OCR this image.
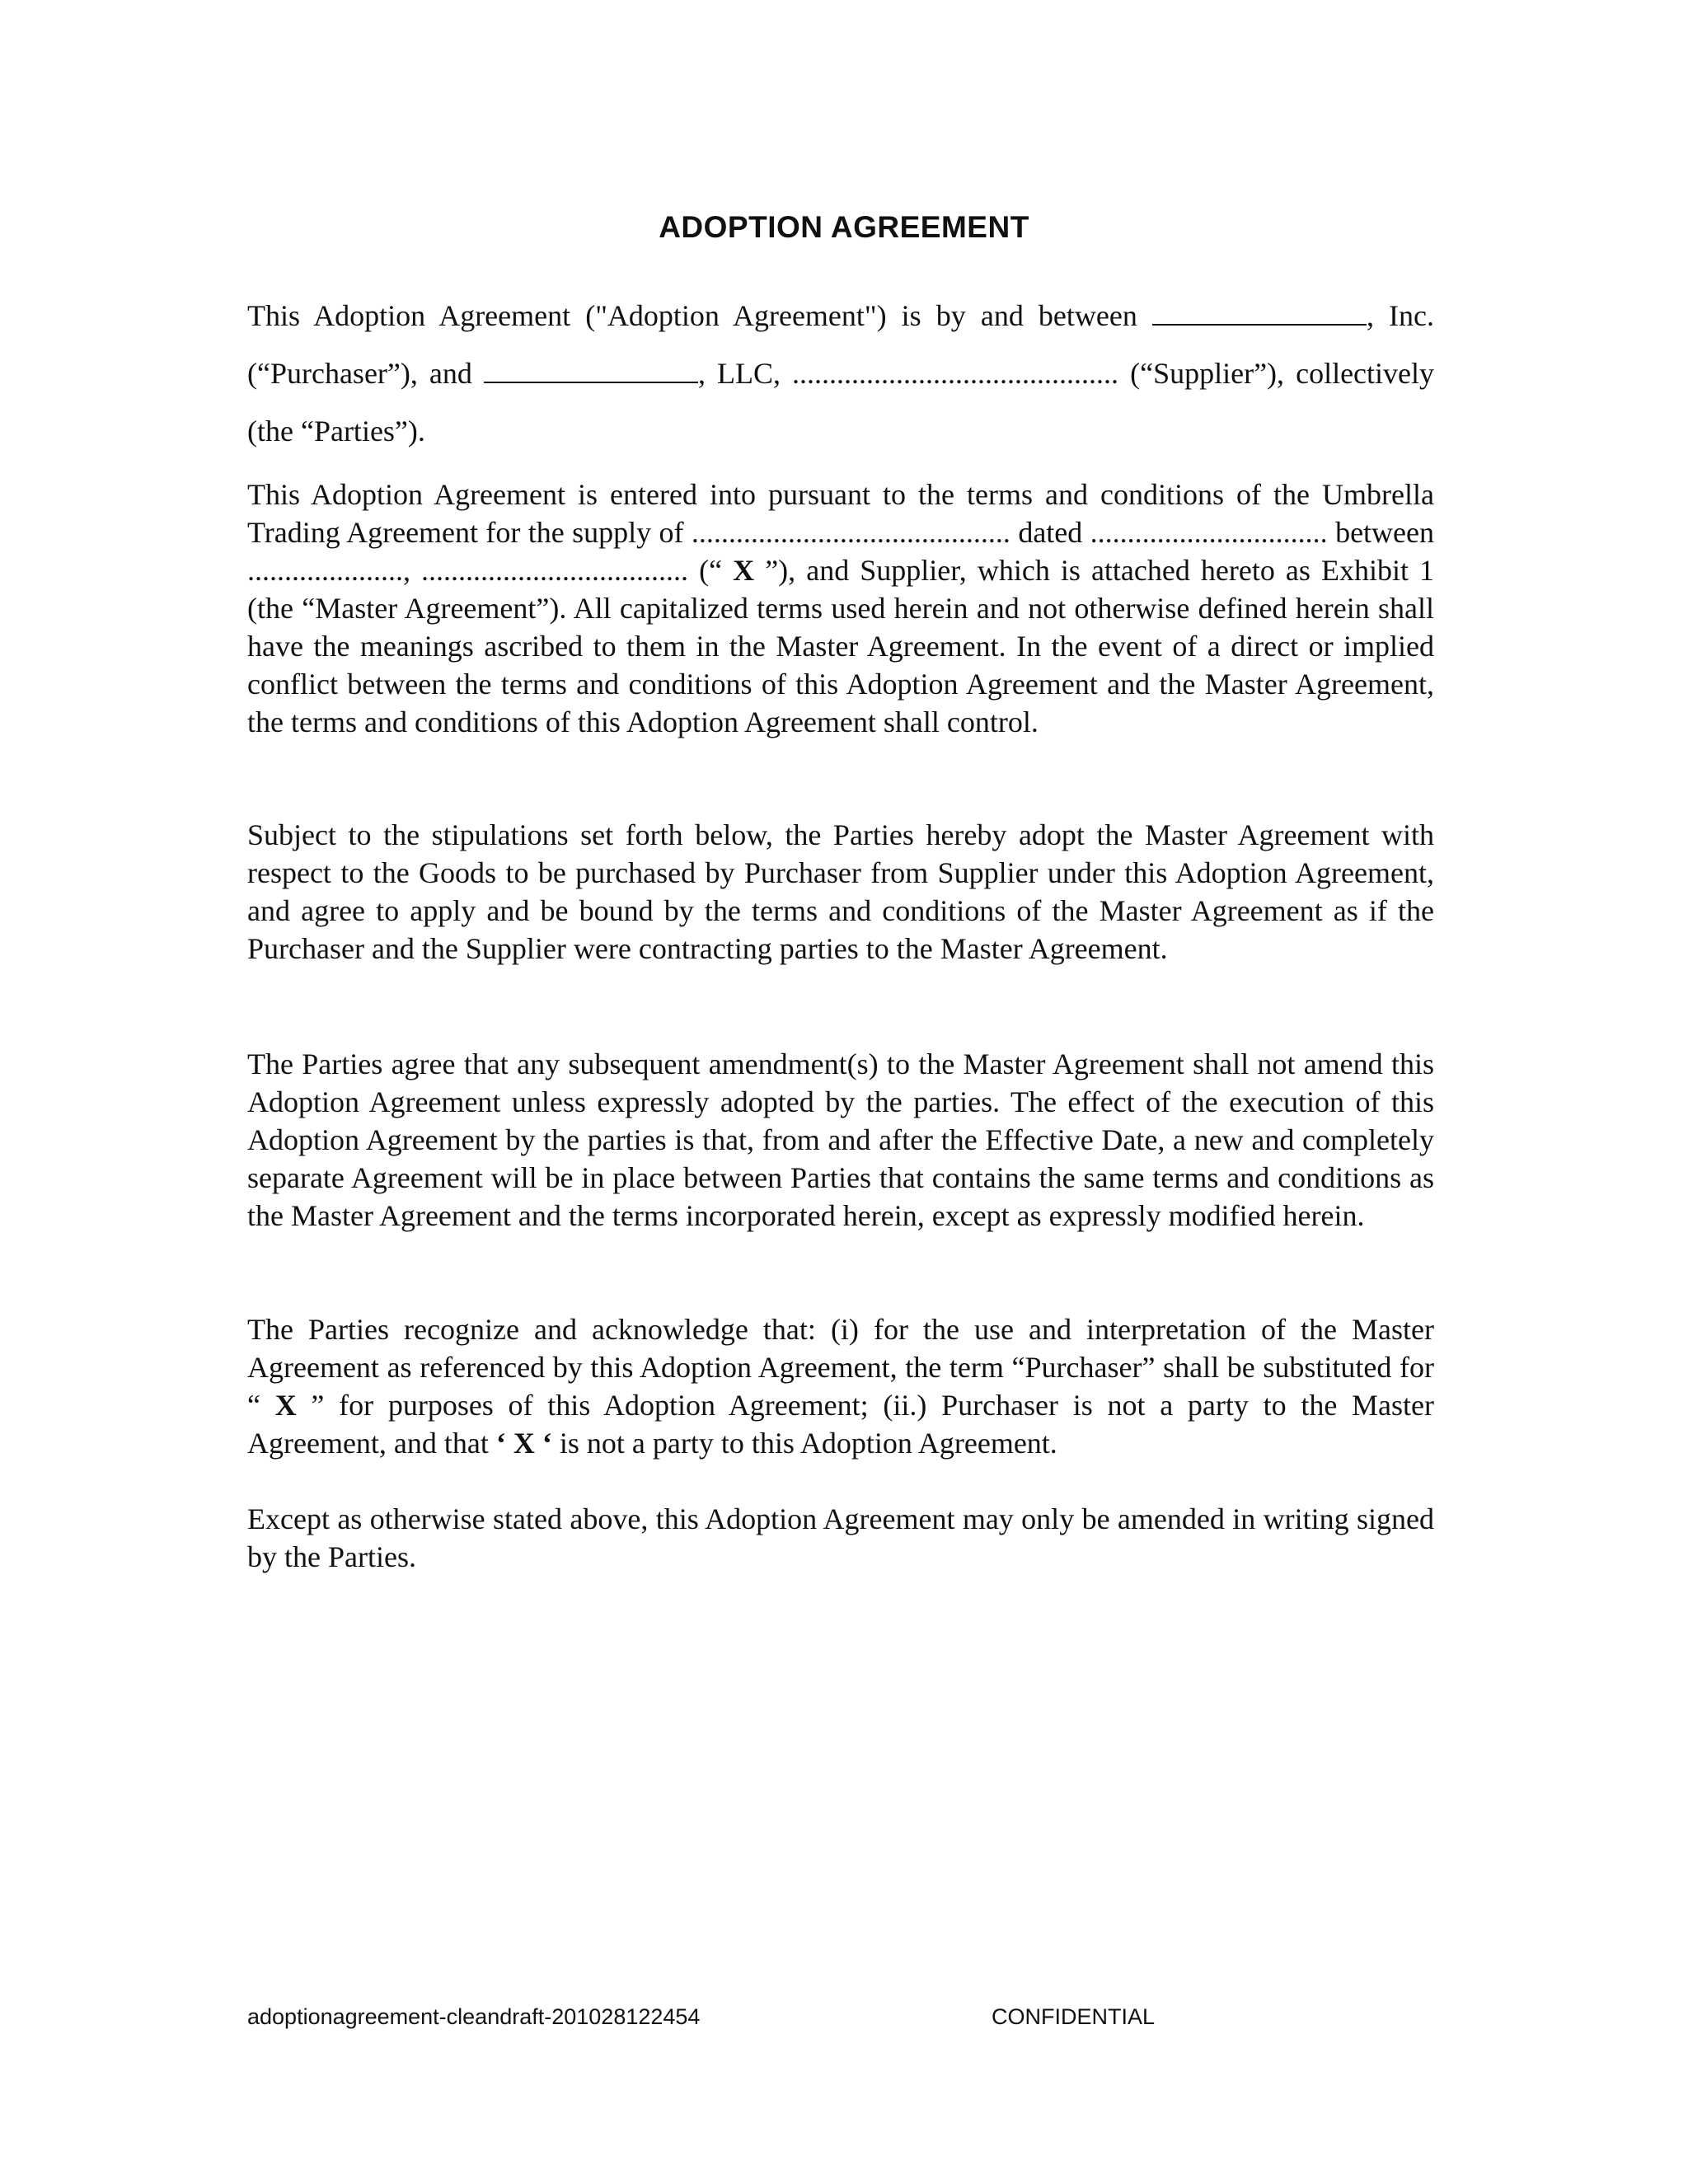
ADOPTION AGREEMENT

This Adoption Agreement ("Adoption Agreement") is by and between	, Inc. (“Purchaser”), and	, LLC, ............................................ (“Supplier”), collectively (the “Parties”).

This Adoption Agreement is entered into pursuant to the terms and conditions of the Umbrella Trading Agreement for the supply of ........................................... dated ................................ between ....................., .................................... (“ X ”), and Supplier, which is attached hereto as Exhibit 1 (the “Master Agreement”). All capitalized terms used herein and not otherwise defined herein shall have the meanings ascribed to them in the Master Agreement. In the event of a direct or implied conflict between the terms and conditions of this Adoption Agreement and the Master Agreement, the terms and conditions of this Adoption Agreement shall control.

Subject to the stipulations set forth below, the Parties hereby adopt the Master Agreement with respect to the Goods to be purchased by Purchaser from Supplier under this Adoption Agreement, and agree to apply and be bound by the terms and conditions of the Master Agreement as if the Purchaser and the Supplier were contracting parties to the Master Agreement.

The Parties agree that any subsequent amendment(s) to the Master Agreement shall not amend this Adoption Agreement unless expressly adopted by the parties. The effect of the execution of this Adoption Agreement by the parties is that, from and after the Effective Date, a new and completely separate Agreement will be in place between Parties that contains the same terms and conditions as the Master Agreement and the terms incorporated herein, except as expressly modified herein.

The Parties recognize and acknowledge that: (i) for the use and interpretation of the Master Agreement as referenced by this Adoption Agreement, the term “Purchaser” shall be substituted for “ X ” for purposes of this Adoption Agreement; (ii.) Purchaser is not a party to the Master Agreement, and that ‘ X ‘ is not a party to this Adoption Agreement.

Except as otherwise stated above, this Adoption Agreement may only be amended in writing signed by the Parties.

adoptionagreement-cleandraft-201028122454	CONFIDENTIAL
